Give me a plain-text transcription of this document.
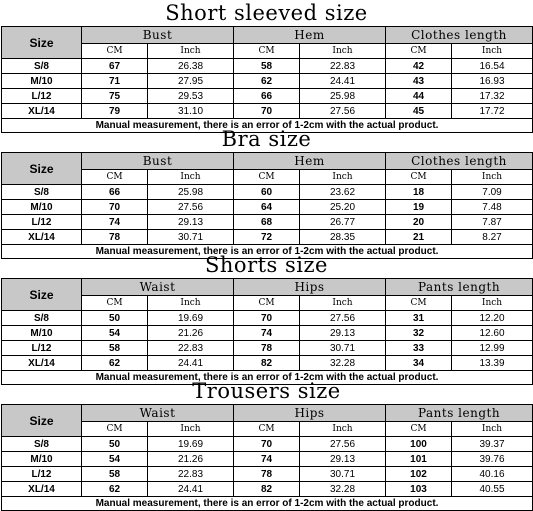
Short sleeved size
Size	Bust		Hem		Clothes length	
	CM	Inch	CM	Inch	CM	Inch
S/8	67	26.38	58	22.83	42	16.54
M/10	71	27.95	62	24.41	43	16.93
L/12	75	29.53	66	25.98	44	17.32
XL/14	79	31.10	70	27.56	45	17.72
Manual measurement, there is an error of 1-2cm with the actual product.						
Bra size
Size	Bust		Hem		Clothes length	
	CM	Inch	CM	Inch	CM	Inch
S/8	66	25.98	60	23.62	18	7.09
M/10	70	27.56	64	25.20	19	7.48
L/12	74	29.13	68	26.77	20	7.87
XL/14	78	30.71	72	28.35	21	8.27
Manual measurement, there is an error of 1-2cm with the actual product.						
Shorts size
Size	Waist		Hips		Pants length	
	CM	Inch	CM	Inch	CM	Inch
S/8	50	19.69	70	27.56	31	12.20
M/10	54	21.26	74	29.13	32	12.60
L/12	58	22.83	78	30.71	33	12.99
XL/14	62	24.41	82	32.28	34	13.39
Manual measurement, there is an error of 1-2cm with the actual product.						
Trousers size
Size	Waist		Hips		Pants length	
	CM	Inch	CM	Inch	CM	Inch
S/8	50	19.69	70	27.56	100	39.37
M/10	54	21.26	74	29.13	101	39.76
L/12	58	22.83	78	30.71	102	40.16
XL/14	62	24.41	82	32.28	103	40.55
Manual measurement, there is an error of 1-2cm with the actual product.						
